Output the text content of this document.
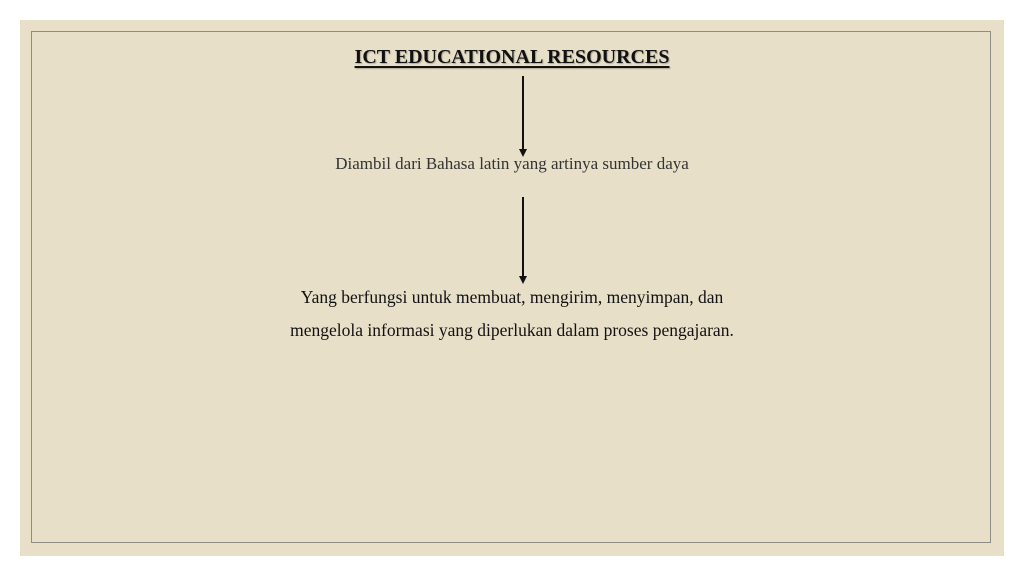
ICT EDUCATIONAL RESOURCES

Diambil dari Bahasa latin yang artinya sumber daya

Yang berfungsi untuk membuat, mengirim, menyimpan, dan
mengelola informasi yang diperlukan dalam proses pengajaran.
